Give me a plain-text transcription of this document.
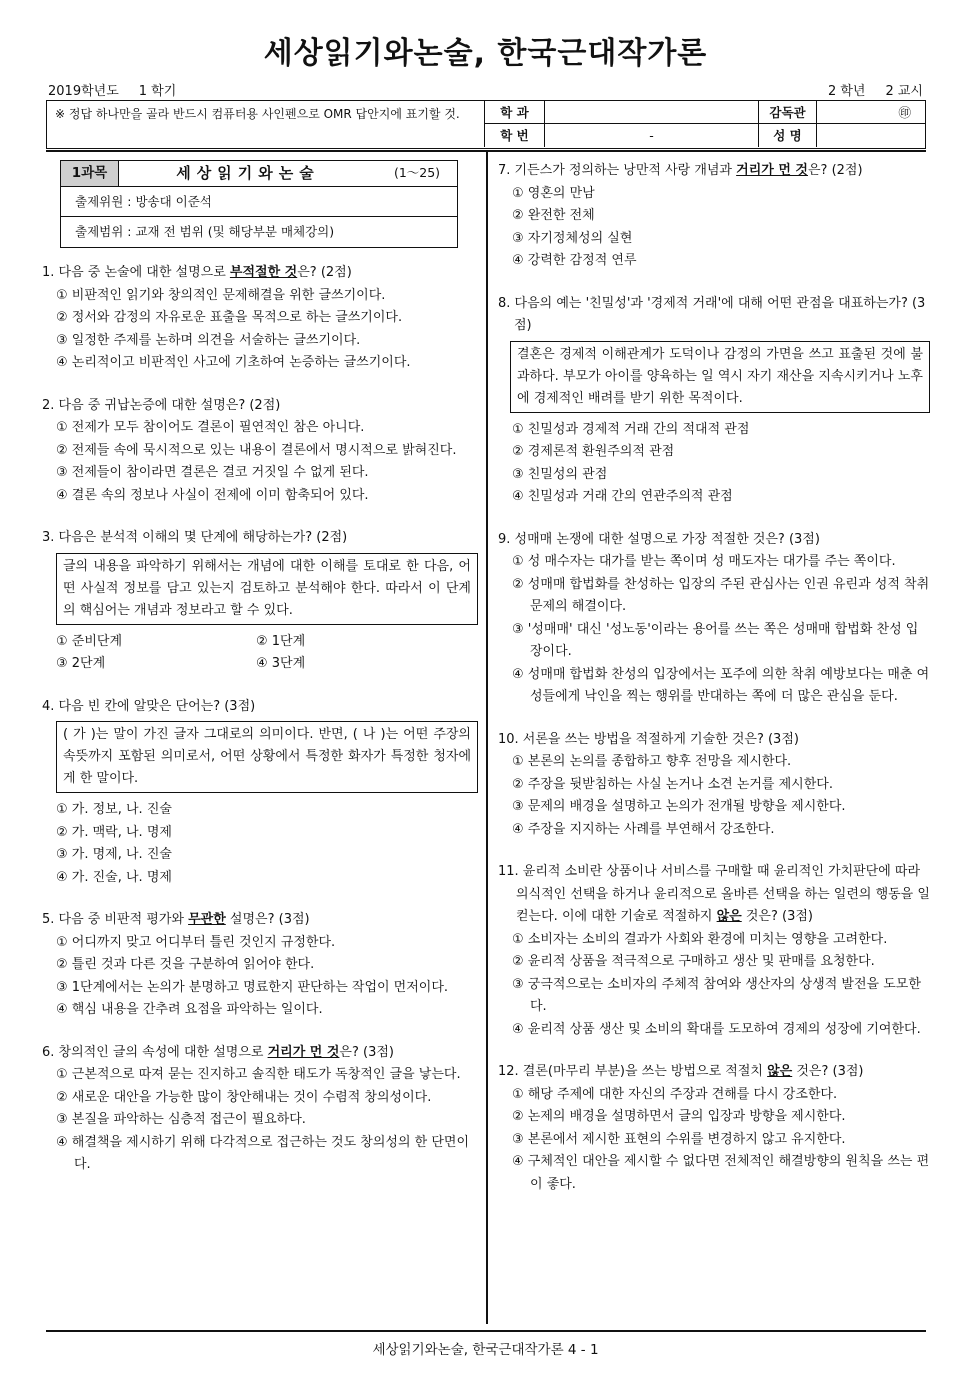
세상읽기와논술, 한국근대작가론
2019학년도 1 학기	2 학년 2 교시
※ 정답 하나만을 골라 반드시 컴퓨터용 사인펜으로 OMR 답안지에 표기할 것.	학 과	감독관	㊞
학 번	-	성 명
1과목	세상읽기와논술	(1～25)
출제위원 : 방송대 이준석
출제범위 : 교재 전 범위 (및 해당부분 매체강의)
1. 다음 중 논술에 대한 설명으로 부적절한 것은? (2점)
① 비판적인 읽기와 창의적인 문제해결을 위한 글쓰기이다.
② 정서와 감정의 자유로운 표출을 목적으로 하는 글쓰기이다.
③ 일정한 주제를 논하며 의견을 서술하는 글쓰기이다.
④ 논리적이고 비판적인 사고에 기초하여 논증하는 글쓰기이다.
2. 다음 중 귀납논증에 대한 설명은? (2점)
① 전제가 모두 참이어도 결론이 필연적인 참은 아니다.
② 전제들 속에 묵시적으로 있는 내용이 결론에서 명시적으로 밝혀진다.
③ 전제들이 참이라면 결론은 결코 거짓일 수 없게 된다.
④ 결론 속의 정보나 사실이 전제에 이미 함축되어 있다.
3. 다음은 분석적 이해의 몇 단계에 해당하는가? (2점)
글의 내용을 파악하기 위해서는 개념에 대한 이해를 토대로 한 다음, 어떤 사실적 정보를 담고 있는지 검토하고 분석해야 한다. 따라서 이 단계의 핵심어는 개념과 정보라고 할 수 있다.
① 준비단계	② 1단계
③ 2단계	④ 3단계
4. 다음 빈 칸에 알맞은 단어는? (3점)
( 가 )는 말이 가진 글자 그대로의 의미이다. 반면, ( 나 )는 어떤 주장의 속뜻까지 포함된 의미로서, 어떤 상황에서 특정한 화자가 특정한 청자에게 한 말이다.
① 가. 정보, 나. 진술
② 가. 맥락, 나. 명제
③ 가. 명제, 나. 진술
④ 가. 진술, 나. 명제
5. 다음 중 비판적 평가와 무관한 설명은? (3점)
① 어디까지 맞고 어디부터 틀린 것인지 규정한다.
② 틀린 것과 다른 것을 구분하여 읽어야 한다.
③ 1단계에서는 논의가 분명하고 명료한지 판단하는 작업이 먼저이다.
④ 핵심 내용을 간추려 요점을 파악하는 일이다.
6. 창의적인 글의 속성에 대한 설명으로 거리가 먼 것은? (3점)
① 근본적으로 따져 묻는 진지하고 솔직한 태도가 독창적인 글을 낳는다.
② 새로운 대안을 가능한 많이 창안해내는 것이 수렴적 창의성이다.
③ 본질을 파악하는 심층적 접근이 필요하다.
④ 해결책을 제시하기 위해 다각적으로 접근하는 것도 창의성의 한 단면이다.
7. 기든스가 정의하는 낭만적 사랑 개념과 거리가 먼 것은? (2점)
① 영혼의 만남
② 완전한 전체
③ 자기정체성의 실현
④ 강력한 감정적 연루
8. 다음의 예는 '친밀성'과 '경제적 거래'에 대해 어떤 관점을 대표하는가? (3점)
결혼은 경제적 이해관계가 도덕이나 감정의 가면을 쓰고 표출된 것에 불과하다. 부모가 아이를 양육하는 일 역시 자기 재산을 지속시키거나 노후에 경제적인 배려를 받기 위한 목적이다.
① 친밀성과 경제적 거래 간의 적대적 관점
② 경제론적 환원주의적 관점
③ 친밀성의 관점
④ 친밀성과 거래 간의 연관주의적 관점
9. 성매매 논쟁에 대한 설명으로 가장 적절한 것은? (3점)
① 성 매수자는 대가를 받는 쪽이며 성 매도자는 대가를 주는 쪽이다.
② 성매매 합법화를 찬성하는 입장의 주된 관심사는 인권 유린과 성적 착취 문제의 해결이다.
③ '성매매' 대신 '성노동'이라는 용어를 쓰는 쪽은 성매매 합법화 찬성 입장이다.
④ 성매매 합법화 찬성의 입장에서는 포주에 의한 착취 예방보다는 매춘 여성들에게 낙인을 찍는 행위를 반대하는 쪽에 더 많은 관심을 둔다.
10. 서론을 쓰는 방법을 적절하게 기술한 것은? (3점)
① 본론의 논의를 종합하고 향후 전망을 제시한다.
② 주장을 뒷받침하는 사실 논거나 소견 논거를 제시한다.
③ 문제의 배경을 설명하고 논의가 전개될 방향을 제시한다.
④ 주장을 지지하는 사례를 부연해서 강조한다.
11. 윤리적 소비란 상품이나 서비스를 구매할 때 윤리적인 가치판단에 따라 의식적인 선택을 하거나 윤리적으로 올바른 선택을 하는 일련의 행동을 일컫는다. 이에 대한 기술로 적절하지 않은 것은? (3점)
① 소비자는 소비의 결과가 사회와 환경에 미치는 영향을 고려한다.
② 윤리적 상품을 적극적으로 구매하고 생산 및 판매를 요청한다.
③ 궁극적으로는 소비자의 주체적 참여와 생산자의 상생적 발전을 도모한다.
④ 윤리적 상품 생산 및 소비의 확대를 도모하여 경제의 성장에 기여한다.
12. 결론(마무리 부분)을 쓰는 방법으로 적절치 않은 것은? (3점)
① 해당 주제에 대한 자신의 주장과 견해를 다시 강조한다.
② 논제의 배경을 설명하면서 글의 입장과 방향을 제시한다.
③ 본론에서 제시한 표현의 수위를 변경하지 않고 유지한다.
④ 구체적인 대안을 제시할 수 없다면 전체적인 해결방향의 원칙을 쓰는 편이 좋다.
세상읽기와논술, 한국근대작가론 4 - 1
